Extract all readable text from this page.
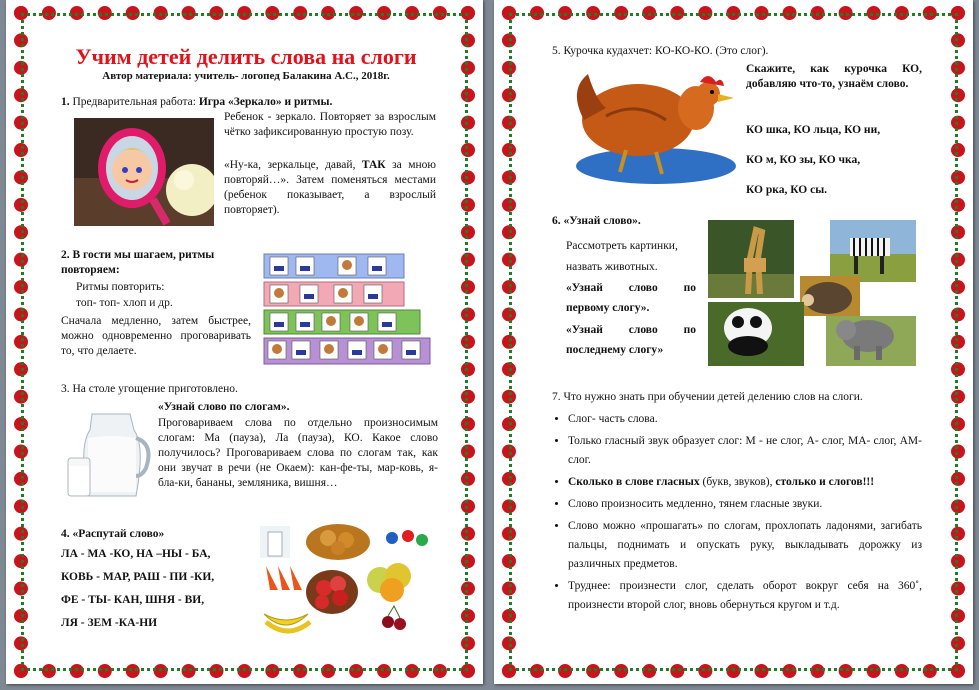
Учим детей делить слова на слоги
Автор материала: учитель- логопед Балакина А.С., 2018г.
1. Предварительная работа: Игра «Зеркало» и ритмы.
Ребенок - зеркало. Повторяет за взрослым чётко зафиксированную простую позу.
«Ну-ка, зеркальце, давай, ТАК за мною повторяй…». Затем поменяться местами (ребенок показывает, а взрослый повторяет).
2. В гости мы шагаем, ритмы повторяем:
Ритмы повторить:
топ- топ- хлоп и др.
Сначала медленно, затем быстрее, можно одновременно проговаривать то, что делаете.
3. На столе угощение приготовлено.
«Узнай слово по слогам».
Проговариваем слова по отдельно произносимым слогам: Ма (пауза), Ла (пауза), КО. Какое слово получилось? Проговариваем слова по слогам так, как они звучат в речи (не Окаем): кан-фе-ты, мар-ковь, я-бла-ки, бананы, земляника, вишня…
4. «Распутай слово»
ЛА - МА -КО, НА –НЫ - БА,
КОВЬ - МАР, РАШ - ПИ -КИ,
ФЕ - ТЫ- КАН, ШНЯ - ВИ,
ЛЯ - ЗЕМ -КА-НИ
5. Курочка кудахчет: КО-КО-КО. (Это слог).
Скажите, как курочка КО, добавляю что-то, узнаём слово.
КО шка, КО льца, КО ни,
КО м, КО зы, КО чка,
КО рка, КО сы.
6. «Узнай слово».
Рассмотреть картинки,
назвать животных.
«Узнай слово по первому слогу».
«Узнай слово по последнему слогу»
7. Что нужно знать при обучении детей делению слов на слоги.
• Слог- часть слова.
• Только гласный звук образует слог: М - не слог, А- слог, МА- слог, АМ- слог.
• Сколько в слове гласных (букв, звуков), столько и слогов!!!
• Слово произносить медленно, тянем гласные звуки.
• Слово можно «прошагать» по слогам, прохлопать ладонями, загибать пальцы, поднимать и опускать руку, выкладывать дорожку из различных предметов.
• Труднее: произнести слог, сделать оборот вокруг себя на 360˚, произнести второй слог, вновь обернуться кругом и т.д.
